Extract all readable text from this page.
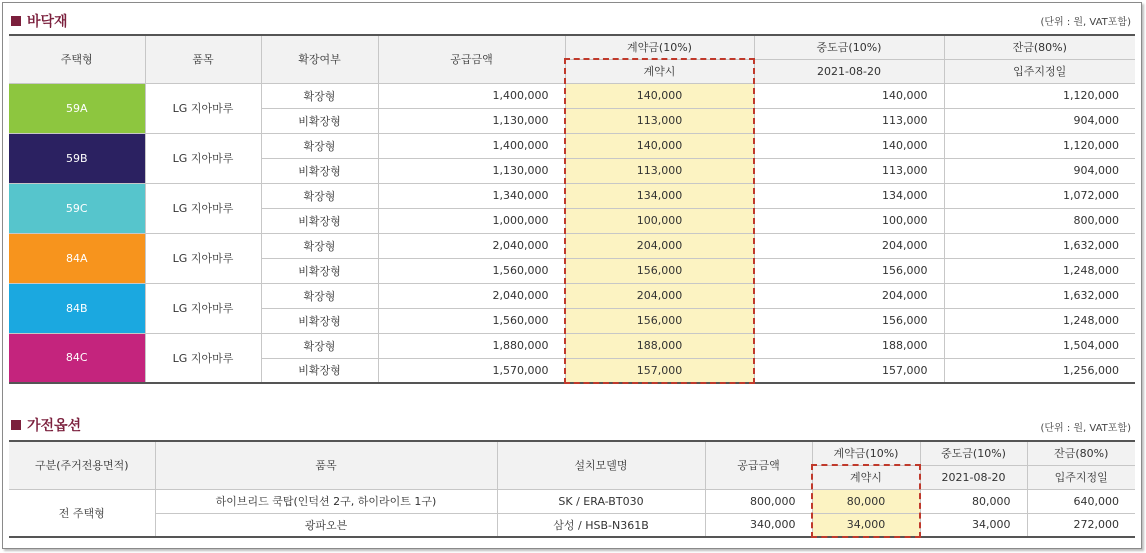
바닥재	(단위 : 원, VAT포함)
주택형	품목	확장여부	공급금액	계약금(10%)	중도금(10%)	잔금(80%)
				계약시	2021-08-20	입주지정일
59A	LG 지아마루	확장형	1,400,000	140,000	140,000	1,120,000
		비확장형	1,130,000	113,000	113,000	904,000
59B	LG 지아마루	확장형	1,400,000	140,000	140,000	1,120,000
		비확장형	1,130,000	113,000	113,000	904,000
59C	LG 지아마루	확장형	1,340,000	134,000	134,000	1,072,000
		비확장형	1,000,000	100,000	100,000	800,000
84A	LG 지아마루	확장형	2,040,000	204,000	204,000	1,632,000
		비확장형	1,560,000	156,000	156,000	1,248,000
84B	LG 지아마루	확장형	2,040,000	204,000	204,000	1,632,000
		비확장형	1,560,000	156,000	156,000	1,248,000
84C	LG 지아마루	확장형	1,880,000	188,000	188,000	1,504,000
		비확장형	1,570,000	157,000	157,000	1,256,000
가전옵션	(단위 : 원, VAT포함)
구분(주거전용면적)	품목	설치모델명	공급금액	계약금(10%)	중도금(10%)	잔금(80%)
				계약시	2021-08-20	입주지정일
전 주택형	하이브리드 쿡탑(인덕션 2구, 하이라이트 1구)	SK / ERA-BT030	800,000	80,000	80,000	640,000
	광파오븐	삼성 / HSB-N361B	340,000	34,000	34,000	272,000
